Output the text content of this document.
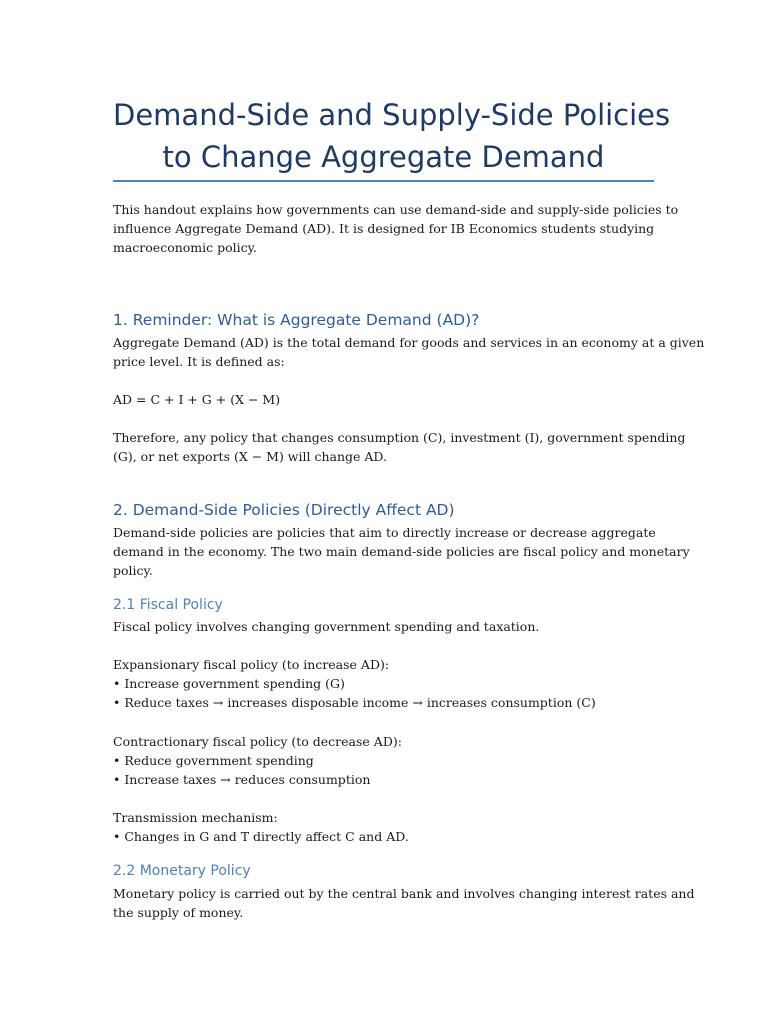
Demand-Side and Supply-Side Policies
to Change Aggregate Demand

This handout explains how governments can use demand-side and supply-side policies to
influence Aggregate Demand (AD). It is designed for IB Economics students studying
macroeconomic policy.

1. Reminder: What is Aggregate Demand (AD)?

Aggregate Demand (AD) is the total demand for goods and services in an economy at a given
price level. It is defined as:

AD = C + I + G + (X − M)

Therefore, any policy that changes consumption (C), investment (I), government spending
(G), or net exports (X − M) will change AD.

2. Demand-Side Policies (Directly Affect AD)

Demand-side policies are policies that aim to directly increase or decrease aggregate
demand in the economy. The two main demand-side policies are fiscal policy and monetary
policy.

2.1 Fiscal Policy

Fiscal policy involves changing government spending and taxation.

Expansionary fiscal policy (to increase AD):
• Increase government spending (G)
• Reduce taxes → increases disposable income → increases consumption (C)

Contractionary fiscal policy (to decrease AD):
• Reduce government spending
• Increase taxes → reduces consumption

Transmission mechanism:
• Changes in G and T directly affect C and AD.

2.2 Monetary Policy

Monetary policy is carried out by the central bank and involves changing interest rates and
the supply of money.
